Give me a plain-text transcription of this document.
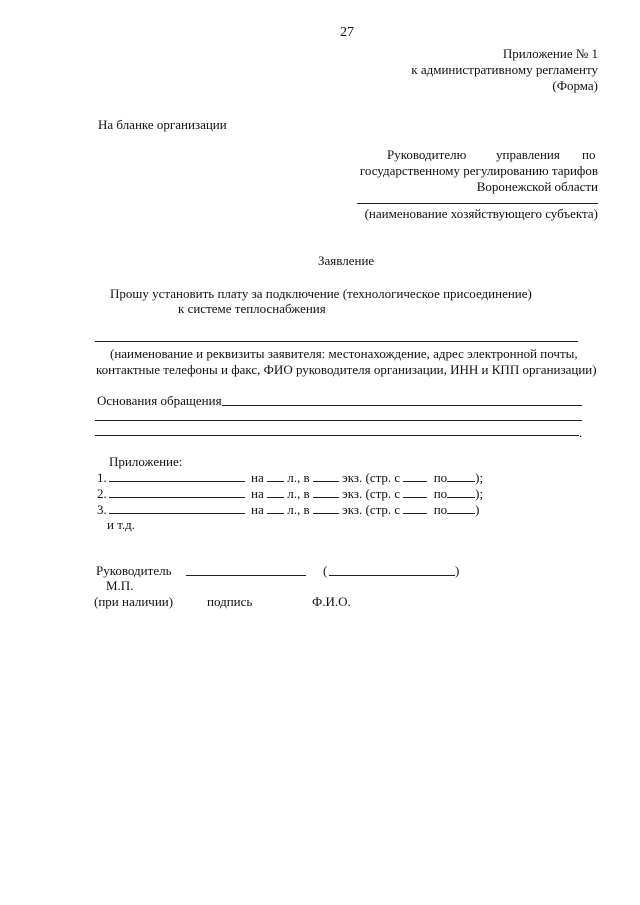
27
Приложение № 1
к административному регламенту
(Форма)
На бланке организации
Руководителю управления по
государственному регулированию тарифов
Воронежской области
(наименование хозяйствующего субъекта)
Заявление
Прошу установить плату за подключение (технологическое присоединение)
к системе теплоснабжения
(наименование и реквизиты заявителя: местонахождение, адрес электронной почты,
контактные телефоны и факс, ФИО руководителя организации, ИНН и КПП организации)
Основания обращения
.
Приложение:
1.	на л., в	экз. (стр. с	по );
2.	на л., в	экз. (стр. с	по );
3.	на л., в	экз. (стр. с	по )
и т.д.
Руководитель	(	)
М.П.
(при наличии)	подпись	Ф.И.О.
